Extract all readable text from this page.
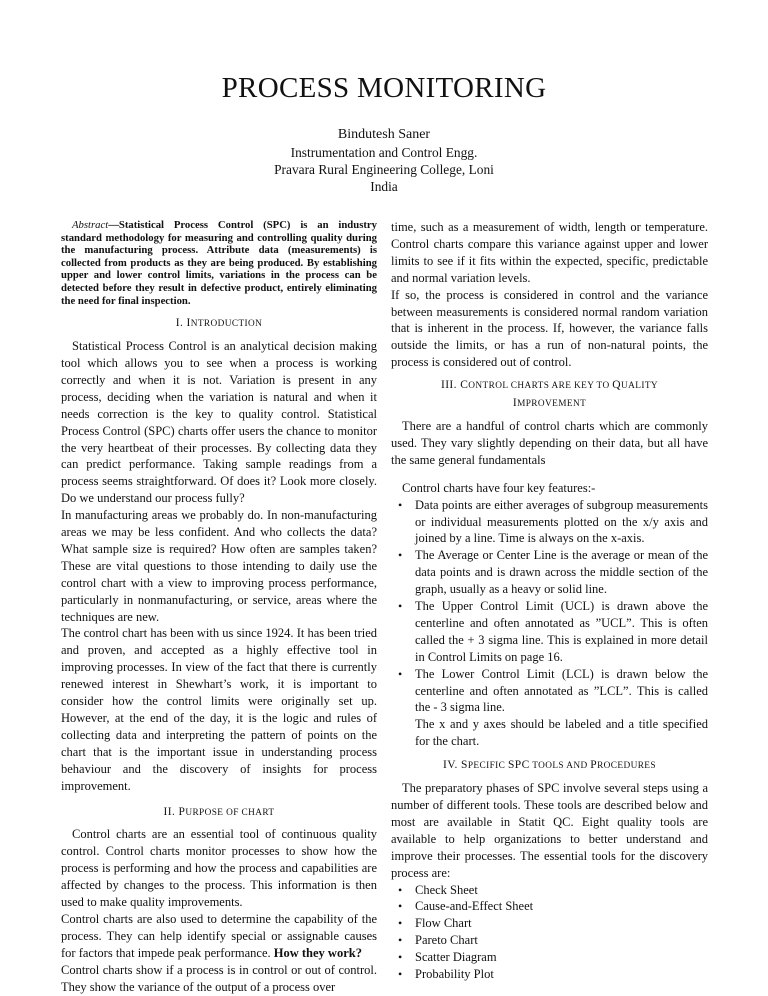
PROCESS MONITORING
Bindutesh Saner
Instrumentation and Control Engg.
Pravara Rural Engineering College, Loni
India

Abstract—Statistical Process Control (SPC) is an industry standard methodology for measuring and controlling quality during the manufacturing process. Attribute data (measurements) is collected from products as they are being produced. By establishing upper and lower control limits, variations in the process can be detected before they result in defective product, entirely eliminating the need for final inspection.

I. INTRODUCTION

Statistical Process Control is an analytical decision making tool which allows you to see when a process is working correctly and when it is not. Variation is present in any process, deciding when the variation is natural and when it needs correction is the key to quality control. Statistical Process Control (SPC) charts offer users the chance to monitor the very heartbeat of their processes. By collecting data they can predict performance. Taking sample readings from a process seems straightforward. Of does it? Look more closely. Do we understand our process fully?

In manufacturing areas we probably do. In non-manufacturing areas we may be less confident. And who collects the data? What sample size is required? How often are samples taken? These are vital questions to those intending to daily use the control chart with a view to improving process performance, particularly in nonmanufacturing, or service, areas where the techniques are new.

The control chart has been with us since 1924. It has been tried and proven, and accepted as a highly effective tool in improving processes. In view of the fact that there is currently renewed interest in Shewhart’s work, it is important to consider how the control limits were originally set up. However, at the end of the day, it is the logic and rules of collecting data and interpreting the pattern of points on the chart that is the important issue in understanding process behaviour and the discovery of insights for process improvement.

II. PURPOSE OF CHART

Control charts are an essential tool of continuous quality control. Control charts monitor processes to show how the process is performing and how the process and capabilities are affected by changes to the process. This information is then used to make quality improvements.

Control charts are also used to determine the capability of the process. They can help identify special or assignable causes for factors that impede peak performance. How they work?

Control charts show if a process is in control or out of control. They show the variance of the output of a process over

time, such as a measurement of width, length or temperature. Control charts compare this variance against upper and lower limits to see if it fits within the expected, specific, predictable and normal variation levels.

If so, the process is considered in control and the variance between measurements is considered normal random variation that is inherent in the process. If, however, the variance falls outside the limits, or has a run of non-natural points, the process is considered out of control.

III. CONTROL CHARTS ARE KEY TO QUALITY
IMPROVEMENT

There are a handful of control charts which are commonly used. They vary slightly depending on their data, but all have the same general fundamentals

Control charts have four key features:-

• Data points are either averages of subgroup measurements or individual measurements plotted on the x/y axis and joined by a line. Time is always on the x-axis.
• The Average or Center Line is the average or mean of the data points and is drawn across the middle section of the graph, usually as a heavy or solid line.
• The Upper Control Limit (UCL) is drawn above the centerline and often annotated as ”UCL”. This is often called the + 3 sigma line. This is explained in more detail in Control Limits on page 16.
• The Lower Control Limit (LCL) is drawn below the centerline and often annotated as ”LCL”. This is called the - 3 sigma line.
The x and y axes should be labeled and a title specified for the chart.
IV. SPECIFIC SPC TOOLS AND PROCEDURES

The preparatory phases of SPC involve several steps using a number of different tools. These tools are described below and most are available in Statit QC. Eight quality tools are available to help organizations to better understand and improve their processes. The essential tools for the discovery process are:

• Check Sheet
• Cause-and-Effect Sheet
• Flow Chart
• Pareto Chart
• Scatter Diagram
• Probability Plot
